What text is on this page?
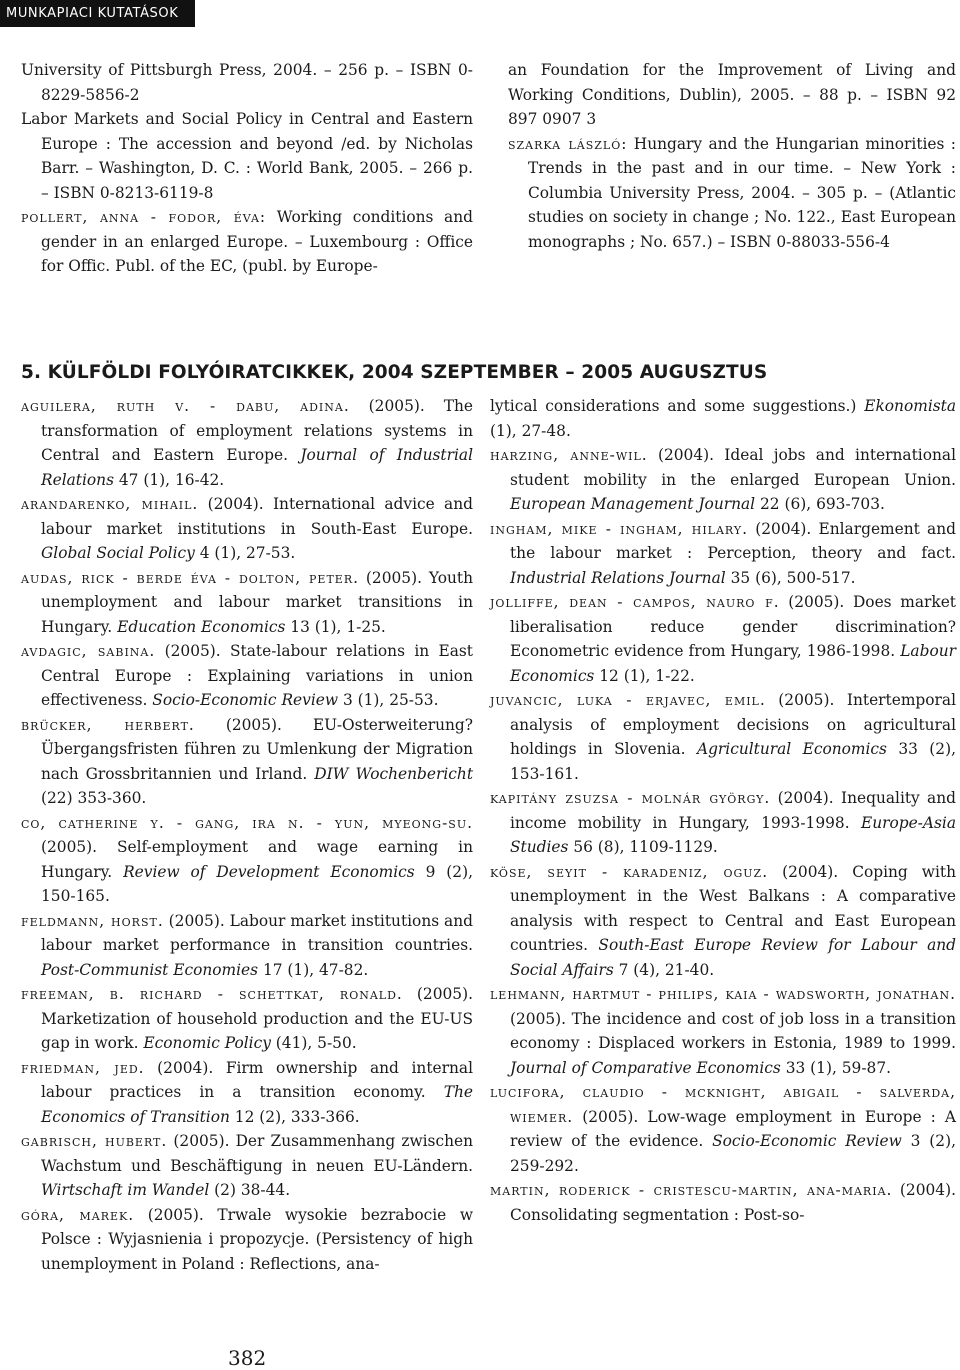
MUNKAPIACI KUTATÁSOK

University of Pittsburgh Press, 2004. – 256 p. – ISBN 0-8229-5856-2

Labor Markets and Social Policy in Central and Eastern Europe : The accession and beyond /ed. by Nicholas Barr. – Washington, D. C. : World Bank, 2005. – 266 p. – ISBN 0-8213-6119-8

pollert, anna - fodor, éva: Working conditions and gender in an enlarged Europe. – Luxembourg : Office for Offic. Publ. of the EC, (publ. by Europe-

an Foundation for the Improvement of Living and Working Conditions, Dublin), 2005. – 88 p. – ISBN 92 897 0907 3

szarka lászló: Hungary and the Hungarian minorities : Trends in the past and in our time. – New York : Columbia University Press, 2004. – 305 p. – (Atlantic studies on society in change ; No. 122., East European monographs ; No. 657.) – ISBN 0-88033-556-4

5. KÜLFÖLDI FOLYÓIRATCIKKEK, 2004 SZEPTEMBER – 2005 AUGUSZTUS

aguilera, ruth v. - dabu, adina. (2005). The transformation of employment relations systems in Central and Eastern Europe. Journal of Industrial Relations 47 (1), 16-42.

arandarenko, mihail. (2004). International advice and labour market institutions in South-East Europe. Global Social Policy 4 (1), 27-53.

audas, rick - berde éva - dolton, peter. (2005). Youth unemployment and labour market transitions in Hungary. Education Economics 13 (1), 1-25.

avdagic, sabina. (2005). State-labour relations in East Central Europe : Explaining variations in union effectiveness. Socio-Economic Review 3 (1), 25-53.

brücker, herbert. (2005). EU-Osterweiterung? Übergangsfristen führen zu Umlenkung der Migration nach Grossbritannien und Irland. DIW Wochenbericht (22) 353-360.

co, catherine y. - gang, ira n. - yun, myeong-su. (2005). Self-employment and wage earning in Hungary. Review of Development Economics 9 (2), 150-165.

feldmann, horst. (2005). Labour market institutions and labour market performance in transition countries. Post-Communist Economies 17 (1), 47-82.

freeman, b. richard - schettkat, ronald. (2005). Marketization of household production and the EU-US gap in work. Economic Policy (41), 5-50.

friedman, jed. (2004). Firm ownership and internal labour practices in a transition economy. The Economics of Transition 12 (2), 333-366.

gabrisch, hubert. (2005). Der Zusammenhang zwischen Wachstum und Beschäftigung in neuen EU-Ländern. Wirtschaft im Wandel (2) 38-44.

góra, marek. (2005). Trwale wysokie bezrabocie w Polsce : Wyjasnienia i propozycje. (Persistency of high unemployment in Poland : Reflections, ana-

lytical considerations and some suggestions.) Ekonomista (1), 27-48.

harzing, anne-wil. (2004). Ideal jobs and international student mobility in the enlarged European Union. European Management Journal 22 (6), 693-703.

ingham, mike - ingham, hilary. (2004). Enlargement and the labour market : Perception, theory and fact. Industrial Relations Journal 35 (6), 500-517.

jolliffe, dean - campos, nauro f. (2005). Does market liberalisation reduce gender discrimination? Econometric evidence from Hungary, 1986-1998. Labour Economics 12 (1), 1-22.

juvancic, luka - erjavec, emil. (2005). Intertemporal analysis of employment decisions on agricultural holdings in Slovenia. Agricultural Economics 33 (2), 153-161.

kapitány zsuzsa - molnár györgy. (2004). Inequality and income mobility in Hungary, 1993-1998. Europe-Asia Studies 56 (8), 1109-1129.

köse, seyit - karadeniz, oguz. (2004). Coping with unemployment in the West Balkans : A comparative analysis with respect to Central and East European countries. South-East Europe Review for Labour and Social Affairs 7 (4), 21-40.

lehmann, hartmut - philips, kaia - wadsworth, jonathan. (2005). The incidence and cost of job loss in a transition economy : Displaced workers in Estonia, 1989 to 1999. Journal of Comparative Economics 33 (1), 59-87.

lucifora, claudio - mcknight, abigail - salverda, wiemer. (2005). Low-wage employment in Europe : A review of the evidence. Socio-Economic Review 3 (2), 259-292.

martin, roderick - cristescu-martin, ana-maria. (2004). Consolidating segmentation : Post-so-

382
